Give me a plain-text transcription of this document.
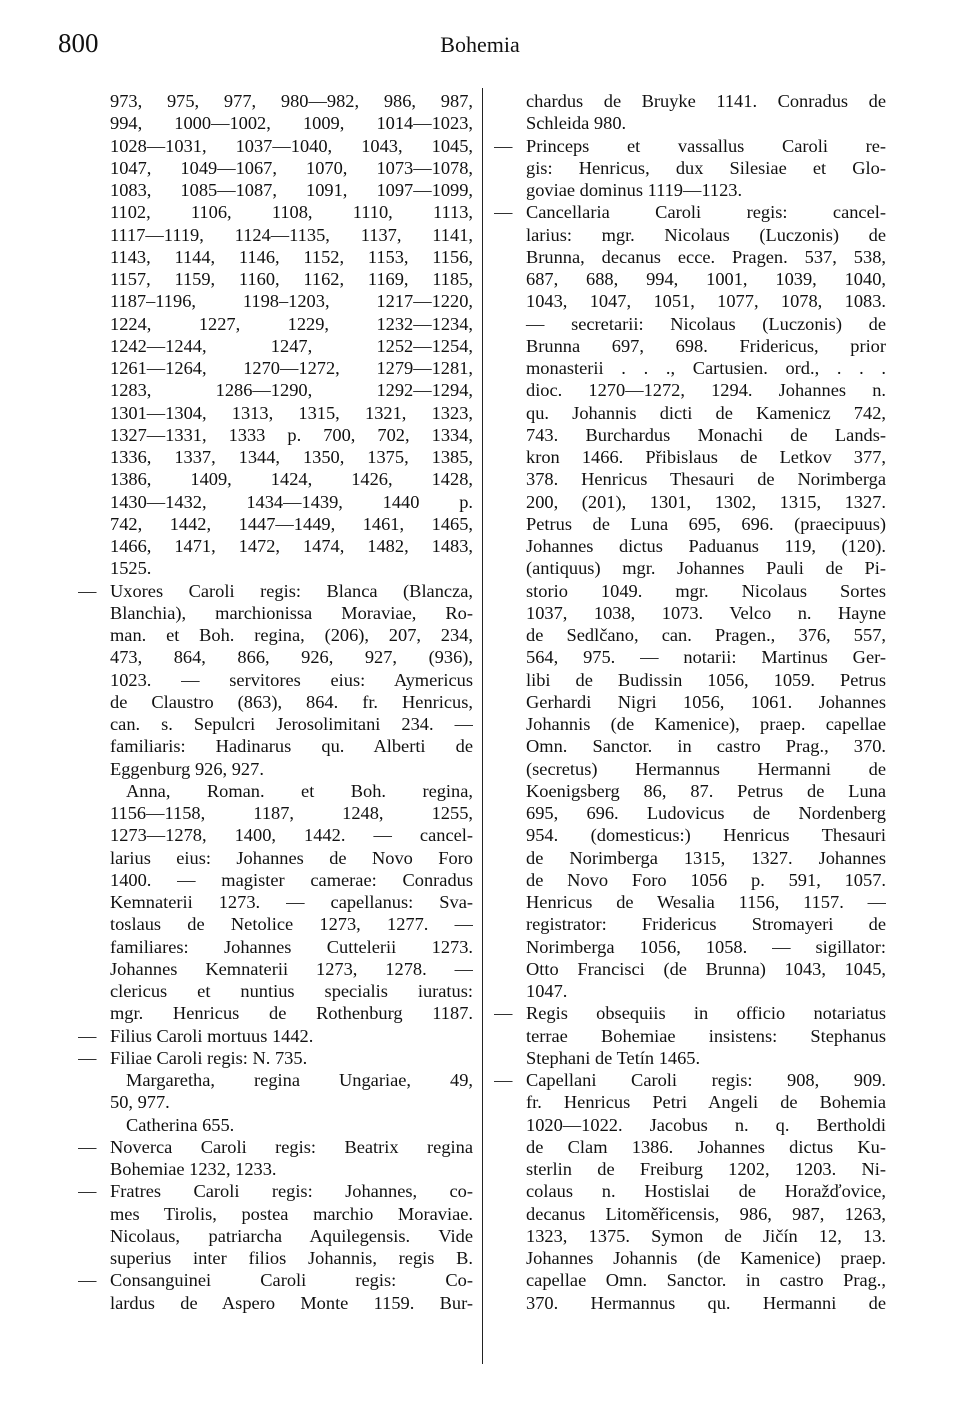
800	Bohemia
973, 975, 977, 980—982, 986, 987,
994, 1000—1002, 1009, 1014—1023,
1028—1031, 1037—1040, 1043, 1045,
1047, 1049—1067, 1070, 1073—1078,
1083, 1085—1087, 1091, 1097—1099,
1102, 1106, 1108, 1110, 1113,
1117—1119, 1124—1135, 1137, 1141,
1143, 1144, 1146, 1152, 1153, 1156,
1157, 1159, 1160, 1162, 1169, 1185,
1187–1196, 1198–1203, 1217—1220,
1224, 1227, 1229, 1232—1234,
1242—1244, 1247, 1252—1254,
1261—1264, 1270—1272, 1279—1281,
1283, 1286—1290, 1292—1294,
1301—1304, 1313, 1315, 1321, 1323,
1327—1331, 1333 p. 700, 702, 1334,
1336, 1337, 1344, 1350, 1375, 1385,
1386, 1409, 1424, 1426, 1428,
1430—1432, 1434—1439, 1440 p.
742, 1442, 1447—1449, 1461, 1465,
1466, 1471, 1472, 1474, 1482, 1483,
1525.
— Uxores Caroli regis: Blanca (Blancza,
Blanchia), marchionissa Moraviae, Ro-
man. et Boh. regina, (206), 207, 234,
473, 864, 866, 926, 927, (936),
1023. — servitores eius: Aymericus
de Claustro (863), 864. fr. Henricus,
can. s. Sepulcri Jerosolimitani 234. —
familiaris: Hadinarus qu. Alberti de
Eggenburg 926, 927.
Anna, Roman. et Boh. regina,
1156—1158, 1187, 1248, 1255,
1273—1278, 1400, 1442. — cancel-
larius eius: Johannes de Novo Foro
1400. — magister camerae: Conradus
Kemnaterii 1273. — capellanus: Sva-
toslaus de Netolice 1273, 1277. —
familiares: Johannes Cuttelerii 1273.
Johannes Kemnaterii 1273, 1278. —
clericus et nuntius specialis iuratus:
mgr. Henricus de Rothenburg 1187.
— Filius Caroli mortuus 1442.
— Filiae Caroli regis: N. 735.
Margaretha, regina Ungariae, 49,
50, 977.
Catherina 655.
— Noverca Caroli regis: Beatrix regina
Bohemiae 1232, 1233.
— Fratres Caroli regis: Johannes, co-
mes Tirolis, postea marchio Moraviae.
Nicolaus, patriarcha Aquilegensis. Vide
superius inter filios Johannis, regis B.
— Consanguinei Caroli regis: Co-
lardus de Aspero Monte 1159. Bur-
chardus de Bruyke 1141. Conradus de
Schleida 980.
— Princeps et vassallus Caroli re-
gis: Henricus, dux Silesiae et Glo-
goviae dominus 1119—1123.
— Cancellaria Caroli regis: cancel-
larius: mgr. Nicolaus (Luczonis) de
Brunna, decanus ecce. Pragen. 537, 538,
687, 688, 994, 1001, 1039, 1040,
1043, 1047, 1051, 1077, 1078, 1083.
— secretarii: Nicolaus (Luczonis) de
Brunna 697, 698. Fridericus, prior
monasterii . . ., Cartusien. ord., . . .
dioc. 1270—1272, 1294. Johannes n.
qu. Johannis dicti de Kamenicz 742,
743. Burchardus Monachi de Lands-
kron 1466. Přibislaus de Letkov 377,
378. Henricus Thesauri de Norimberga
200, (201), 1301, 1302, 1315, 1327.
Petrus de Luna 695, 696. (praecipuus)
Johannes dictus Paduanus 119, (120).
(antiquus) mgr. Johannes Pauli de Pi-
storio 1049. mgr. Nicolaus Sortes
1037, 1038, 1073. Velco n. Hayne
de Sedlčano, can. Pragen., 376, 557,
564, 975. — notarii: Martinus Ger-
libi de Budissin 1056, 1059. Petrus
Gerhardi Nigri 1056, 1061. Johannes
Johannis (de Kamenice), praep. capellae
Omn. Sanctor. in castro Prag., 370.
(secretus) Hermannus Hermanni de
Koenigsberg 86, 87. Petrus de Luna
695, 696. Ludovicus de Nordenberg
954. (domesticus:) Henricus Thesauri
de Norimberga 1315, 1327. Johannes
de Novo Foro 1056 p. 591, 1057.
Henricus de Wesalia 1156, 1157. —
registrator: Fridericus Stromayeri de
Norimberga 1056, 1058. — sigillator:
Otto Francisci (de Brunna) 1043, 1045,
1047.
— Regis obsequiis in officio notariatus
terrae Bohemiae insistens: Stephanus
Stephani de Tetín 1465.
— Capellani Caroli regis: 908, 909.
fr. Henricus Petri Angeli de Bohemia
1020—1022. Jacobus n. q. Bertholdi
de Clam 1386. Johannes dictus Ku-
sterlin de Freiburg 1202, 1203. Ni-
colaus n. Hostislai de Horažďovice,
decanus Litoměřicensis, 986, 987, 1263,
1323, 1375. Symon de Jičín 12, 13.
Johannes Johannis (de Kamenice) praep.
capellae Omn. Sanctor. in castro Prag.,
370. Hermannus qu. Hermanni de
